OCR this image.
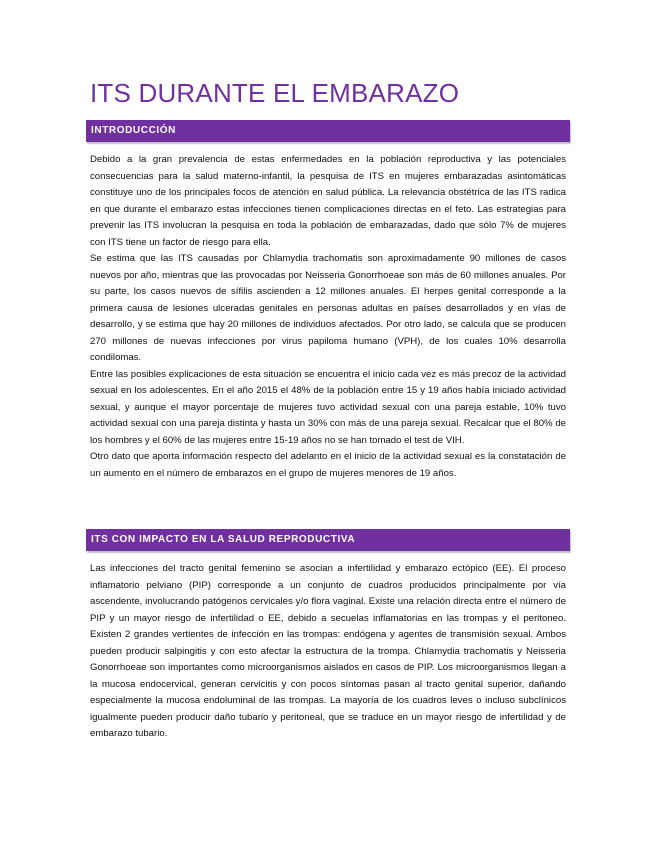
ITS DURANTE EL EMBARAZO
INTRODUCCIÓN

Debido a la gran prevalencia de estas enfermedades en la población reproductiva y las potenciales consecuencias para la salud materno-infantil, la pesquisa de ITS en mujeres embarazadas asintomáticas constituye uno de los principales focos de atención en salud pública. La relevancia obstétrica de las ITS radica en que durante el embarazo estas infecciones tienen complicaciones directas en el feto. Las estrategias para prevenir las ITS involucran la pesquisa en toda la población de embarazadas, dado que sólo 7% de mujeres con ITS tiene un factor de riesgo para ella.

Se estima que las ITS causadas por Chlamydia trachomatis son aproximadamente 90 millones de casos nuevos por año, mientras que las provocadas por Neisseria Gonorrhoeae son más de 60 millones anuales. Por su parte, los casos nuevos de sífilis ascienden a 12 millones anuales. El herpes genital corresponde a la primera causa de lesiones ulceradas genitales en personas adultas en países desarrollados y en vías de desarrollo, y se estima que hay 20 millones de individuos afectados. Por otro lado, se calcula que se producen 270 millones de nuevas infecciones por virus papiloma humano (VPH), de los cuales 10% desarrolla condilomas.

Entre las posibles explicaciones de esta situación se encuentra el inicio cada vez es más precoz de la actividad sexual en los adolescentes. En el año 2015 el 48% de la población entre 15 y 19 años había iniciado actividad sexual, y aunque el mayor porcentaje de mujeres tuvo actividad sexual con una pareja estable, 10% tuvo actividad sexual con una pareja distinta y hasta un 30% con más de una pareja sexual. Recalcar que el 80% de los hombres y el 60% de las mujeres entre 15-19 años no se han tomado el test de VIH.

Otro dato que aporta información respecto del adelanto en el inicio de la actividad sexual es la constatación de un aumento en el número de embarazos en el grupo de mujeres menores de 19 años.

ITS CON IMPACTO EN LA SALUD REPRODUCTIVA

Las infecciones del tracto genital femenino se asocian a infertilidad y embarazo ectópico (EE). El proceso inflamatorio pelviano (PIP) corresponde a un conjunto de cuadros producidos principalmente por vía ascendente, involucrando patógenos cervicales y/o flora vaginal. Existe una relación directa entre el número de PIP y un mayor riesgo de infertilidad o EE, debido a secuelas inflamatorias en las trompas y el peritoneo. Existen 2 grandes vertientes de infección en las trompas: endógena y agentes de transmisión sexual. Ambos pueden producir salpingitis y con esto afectar la estructura de la trompa. Chlamydia trachomatis y Neisseria Gonorrhoeae son importantes como microorganismos aislados en casos de PIP. Los microorganismos llegan a la mucosa endocervical, generan cervicitis y con pocos síntomas pasan al tracto genital superior, dañando especialmente la mucosa endoluminal de las trompas. La mayoría de los cuadros leves o incluso subclínicos igualmente pueden producir daño tubario y peritoneal, que se traduce en un mayor riesgo de infertilidad y de embarazo tubario.
